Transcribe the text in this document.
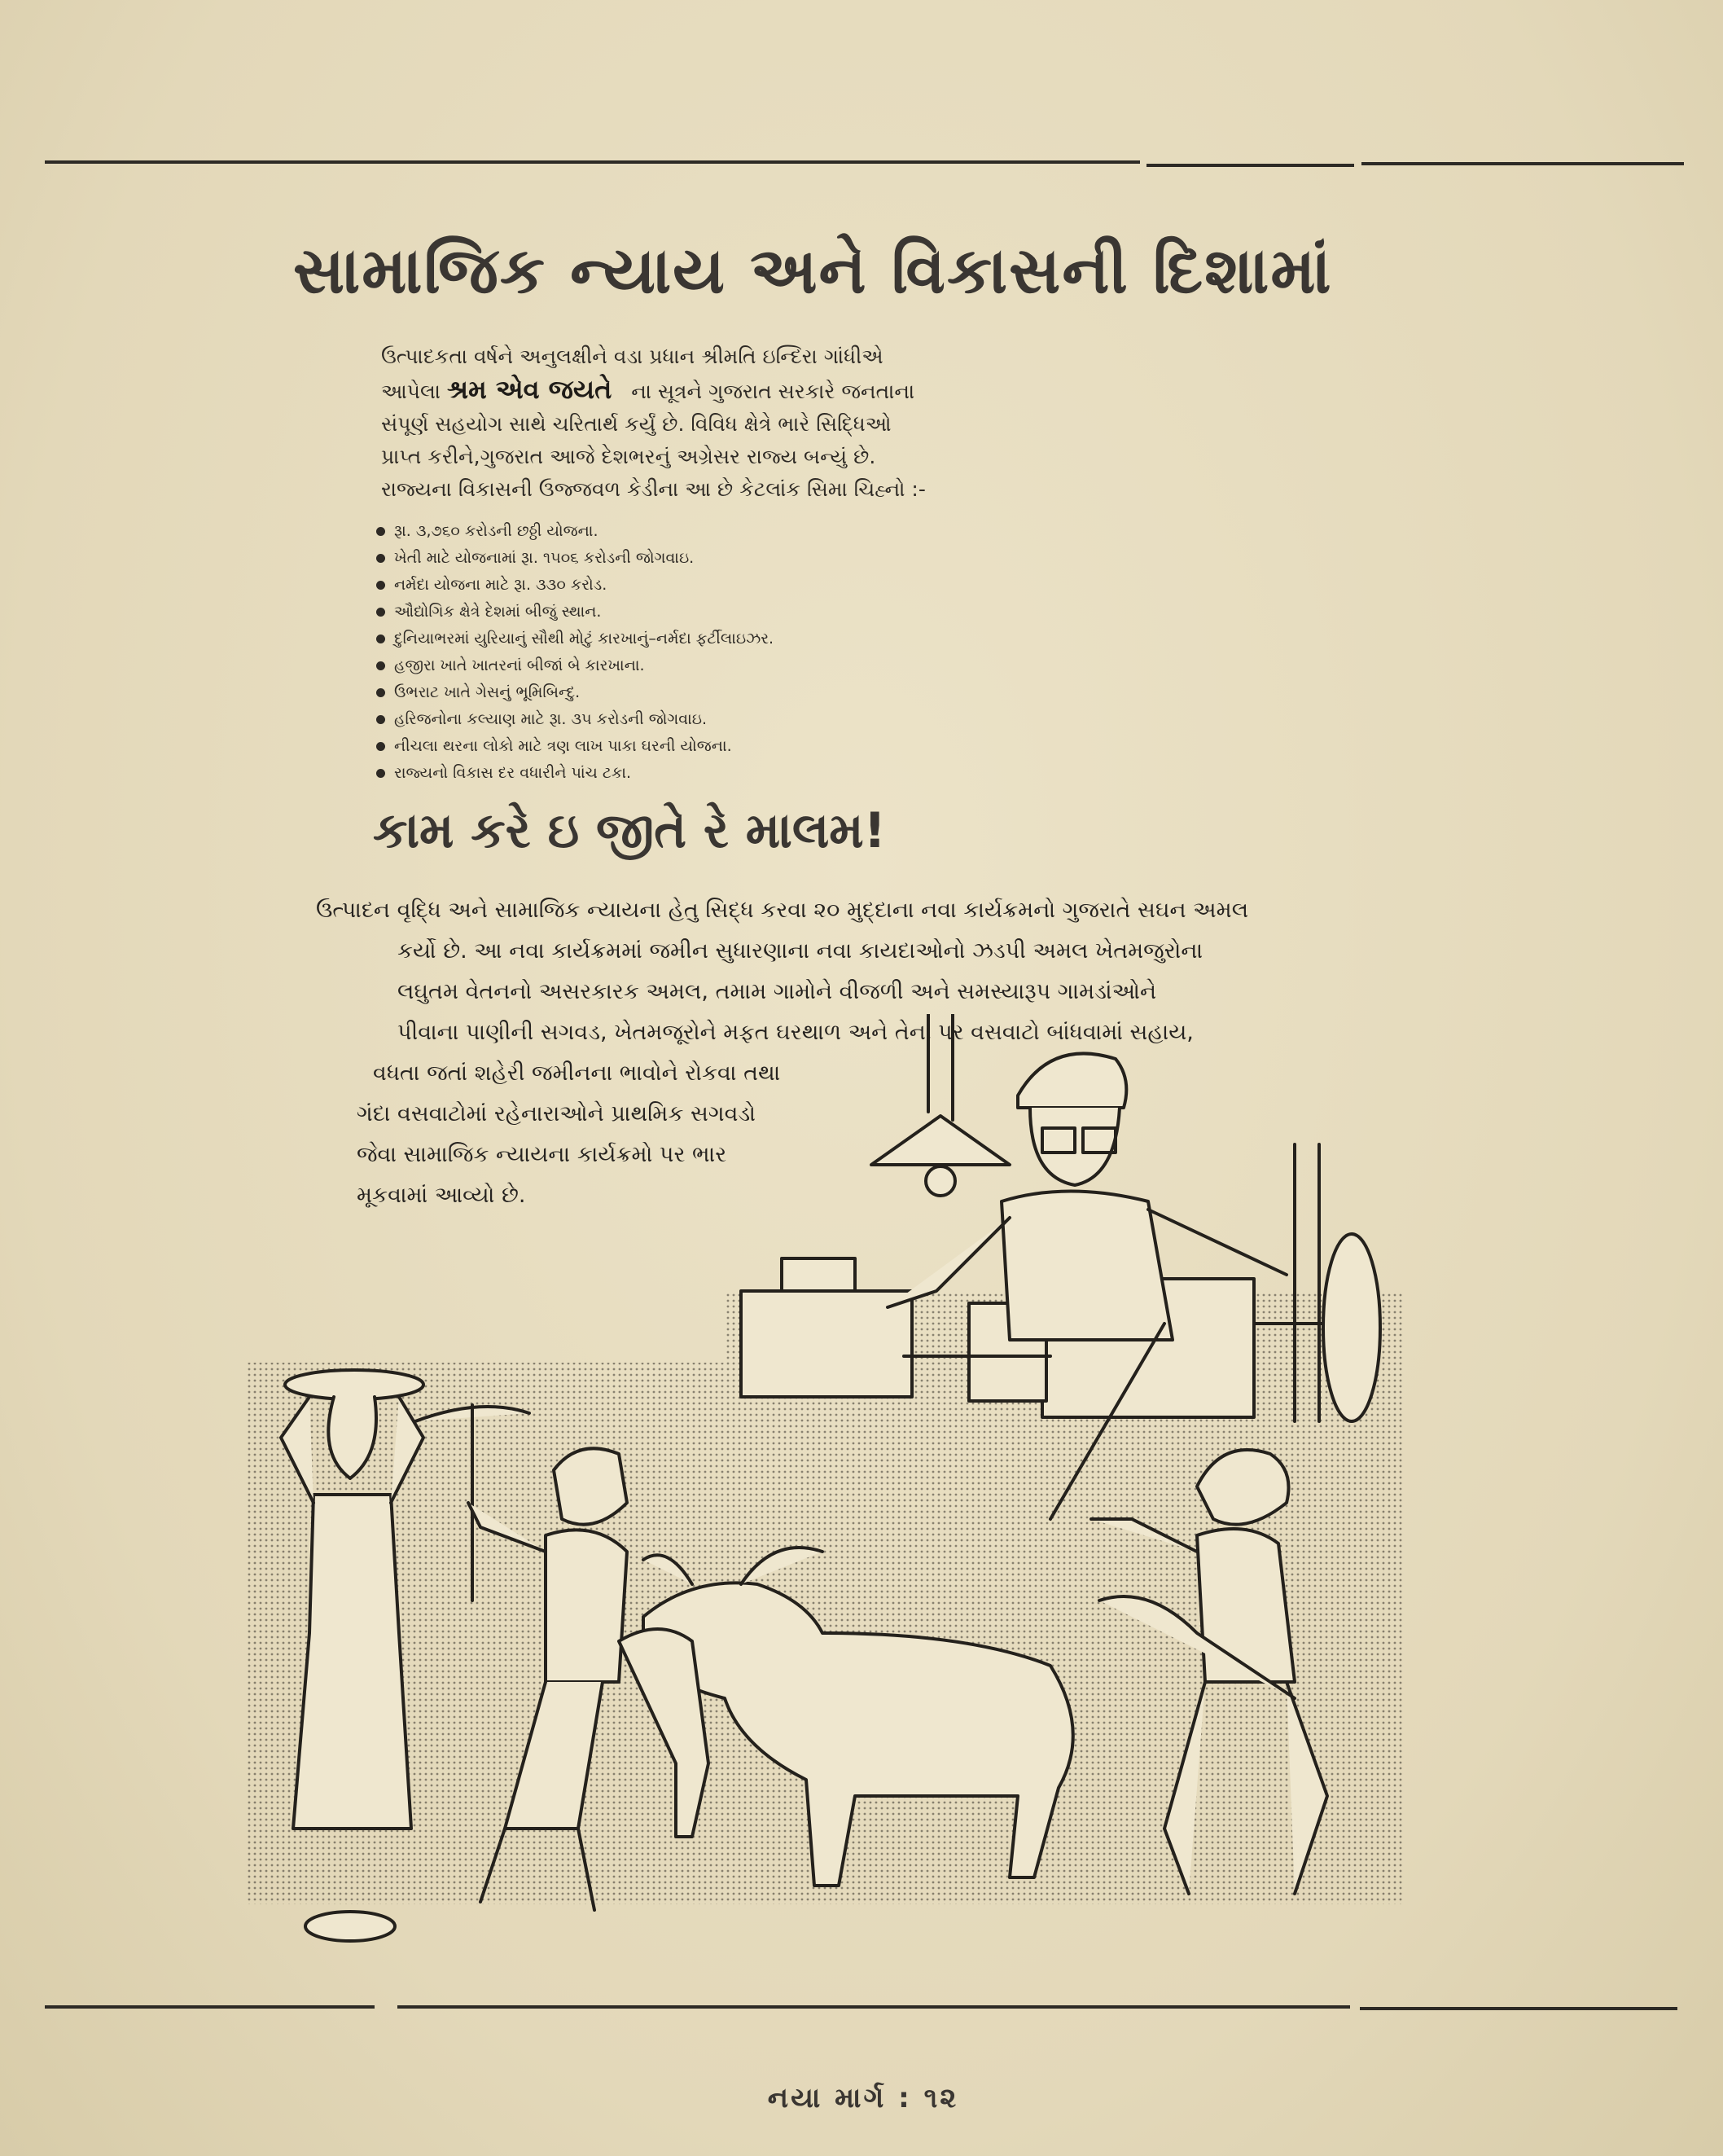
સામાજિક ન્યાય અને વિકાસની દિશામાં

ઉત્પાદકતા વર્ષને અનુલક્ષીને વડા પ્રધાન શ્રીમતિ ઇન્દિરા ગાંધીએ

આપેલા શ્રમ એવ જયતે ના સૂત્રને ગુજરાત સરકારે જનતાના

સંપૂર્ણ સહયોગ સાથે ચરિતાર્થ કર્યું છે. વિવિધ ક્ષેત્રે ભારે સિદ્ધિઓ

પ્રાપ્ત કરીને,ગુજરાત આજે દેશભરનું અગ્રેસર રાજ્ય બન્યું છે.

રાજ્યના વિકાસની ઉજ્જવળ કેડીના આ છે કેટલાંક સિમા ચિહ્નો :-

રૂા. ૩,૭૬૦ કરોડની છઠ્ઠી યોજના.
ખેતી માટે યોજનામાં રૂા. ૧૫૦૬ કરોડની જોગવાઇ.
નર્મદા યોજના માટે રૂા. ૩૩૦ કરોડ.
ઔદ્યોગિક ક્ષેત્રે દેશમાં બીજું સ્થાન.
દુનિયાભરમાં યુરિયાનું સૌથી મોટું કારખાનું–નર્મદા ફર્ટીલાઇઝર.
હજીરા ખાતે ખાતરનાં બીજાં બે કારખાના.
ઉભરાટ ખાતે ગેસનું ભૂમિબિન્દુ.
હરિજનોના કલ્યાણ માટે રૂા. ૩૫ કરોડની જોગવાઇ.
નીચલા થરના લોકો માટે ત્રણ લાખ પાકા ઘરની યોજના.
રાજ્યનો વિકાસ દર વધારીને પાંચ ટકા.
કામ કરે ઇ જીતે રે માલમ!
ઉત્પાદન વૃદ્ધિ અને સામાજિક ન્યાયના હેતુ સિદ્ધ કરવા ૨૦ મુદ્દાના નવા કાર્યક્રમનો ગુજરાતે સઘન અમલ
કર્યો છે. આ નવા કાર્યક્રમમાં જમીન સુધારણાના નવા કાયદાઓનો ઝડપી અમલ ખેતમજુરોના
લઘુતમ વેતનનો અસરકારક અમલ, તમામ ગામોને વીજળી અને સમસ્યારૂપ ગામડાંઓને
પીવાના પાણીની સગવડ, ખેતમજૂરોને મફત ઘરથાળ અને તેના પર વસવાટો બાંધવામાં સહાય,
વધતા જતાં શહેરી જમીનના ભાવોને રોકવા તથા
ગંદા વસવાટોમાં રહેનારાઓને પ્રાથમિક સગવડો
જેવા સામાજિક ન્યાયના કાર્યક્રમો પર ભાર
મૂકવામાં આવ્યો છે.
નયા માર્ગ : ૧૨
